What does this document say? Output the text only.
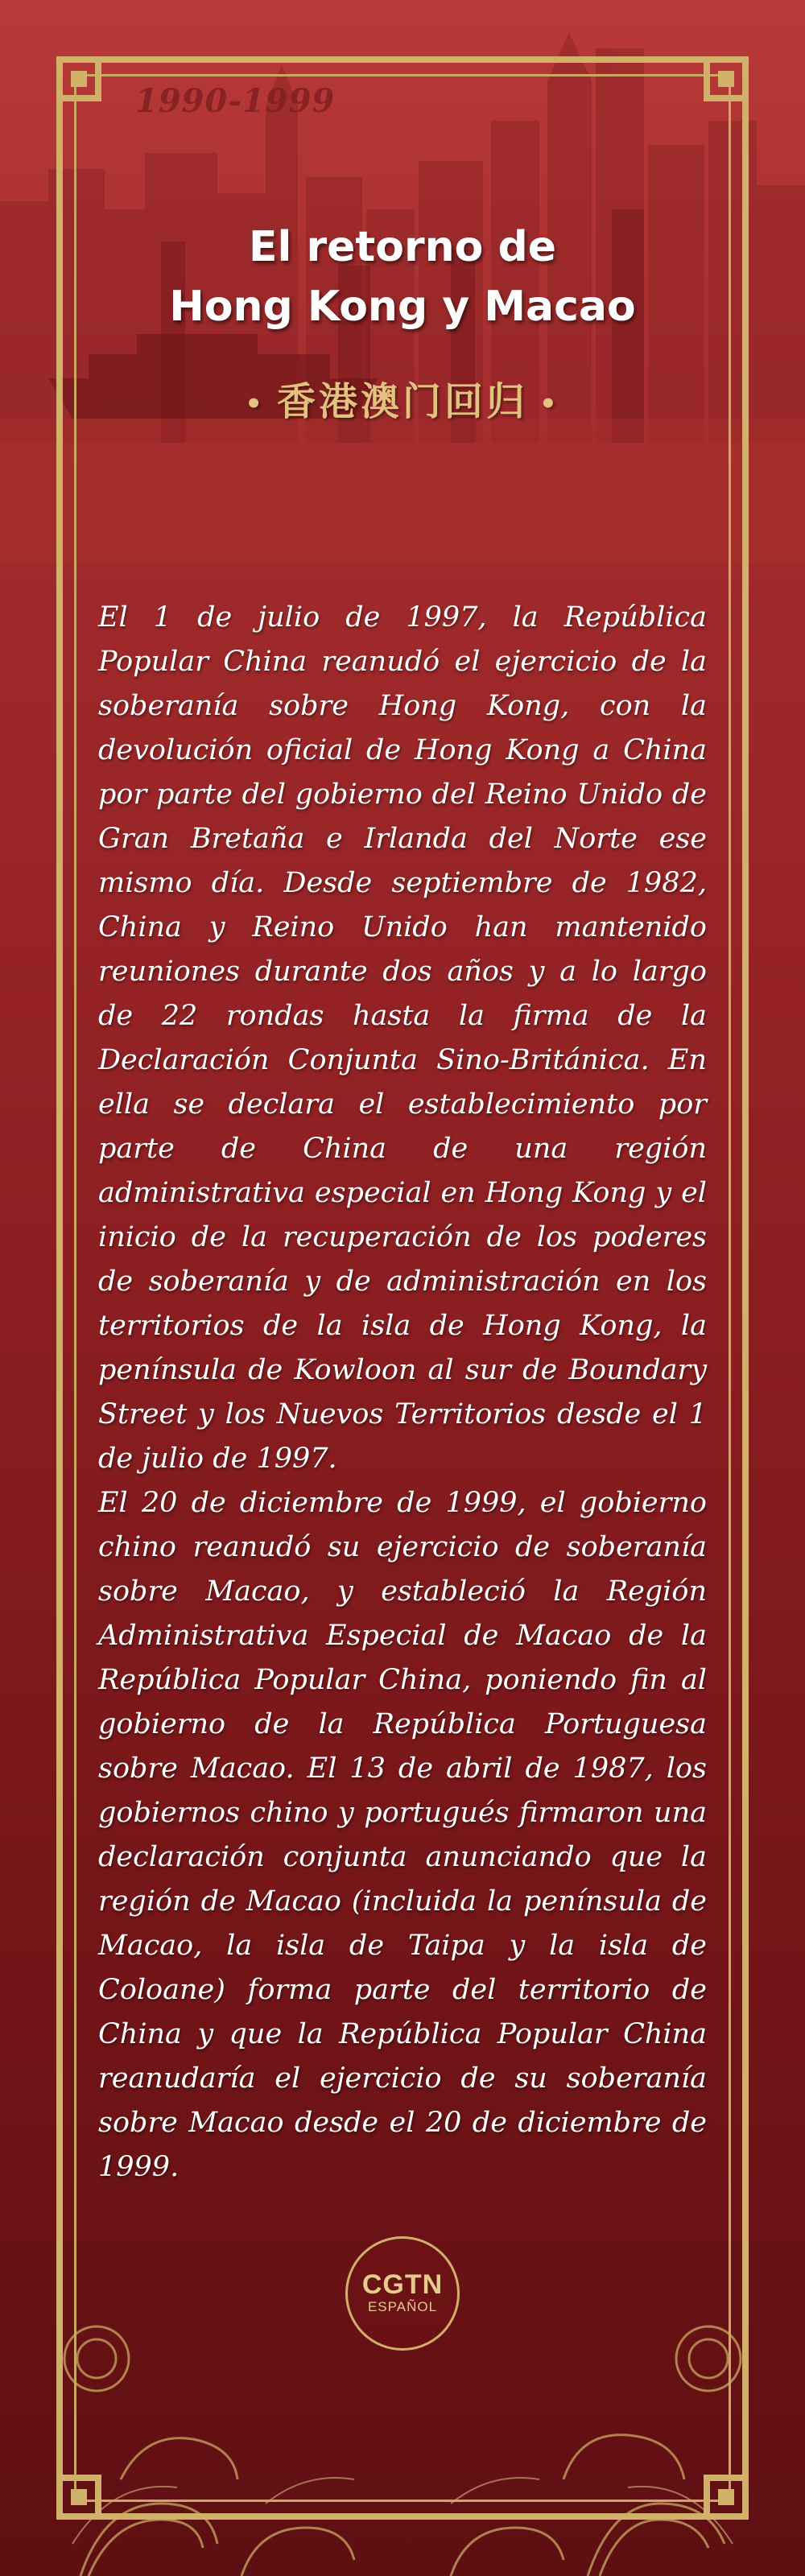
1990-1999
El retorno de
Hong Kong y Macao
• 香港澳门回归 •

El 1 de julio de 1997, la República Popular China reanudó el ejercicio de la soberanía sobre Hong Kong, con la devolución oficial de Hong Kong a China por parte del gobierno del Reino Unido de Gran Bretaña e Irlanda del Norte ese mismo día. Desde septiembre de 1982, China y Reino Unido han mantenido reuniones durante dos años y a lo largo de 22 rondas hasta la firma de la Declaración Conjunta Sino-Británica. En ella se declara el establecimiento por parte de China de una región administrativa especial en Hong Kong y el inicio de la recuperación de los poderes de soberanía y de administración en los territorios de la isla de Hong Kong, la península de Kowloon al sur de Boundary Street y los Nuevos Territorios desde el 1 de julio de 1997.

El 20 de diciembre de 1999, el gobierno chino reanudó su ejercicio de soberanía sobre Macao, y estableció la Región Administrativa Especial de Macao de la República Popular China, poniendo fin al gobierno de la República Portuguesa sobre Macao. El 13 de abril de 1987, los gobiernos chino y portugués firmaron una declaración conjunta anunciando que la región de Macao (incluida la península de Macao, la isla de Taipa y la isla de Coloane) forma parte del territorio de China y que la República Popular China reanudaría el ejercicio de su soberanía sobre Macao desde el 20 de diciembre de 1999.

CGTN
ESPAÑOL
